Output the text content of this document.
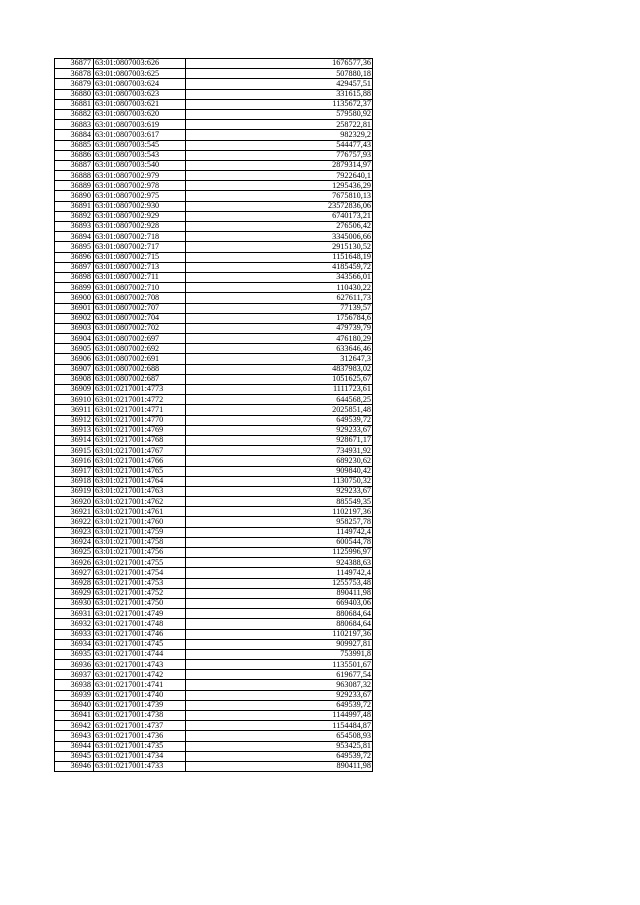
36877	63:01:0807003:626	1676577,36
36878	63:01:0807003:625	507880,18
36879	63:01:0807003:624	429457,51
36880	63:01:0807003:623	331615,88
36881	63:01:0807003:621	1135672,37
36882	63:01:0807003:620	579580,92
36883	63:01:0807003:619	258722,81
36884	63:01:0807003:617	982329,2
36885	63:01:0807003:545	544477,43
36886	63:01:0807003:543	776757,93
36887	63:01:0807003:540	2879314,97
36888	63:01:0807002:979	7922640,1
36889	63:01:0807002:978	1295436,29
36890	63:01:0807002:975	7675810,13
36891	63:01:0807002:930	23572836,06
36892	63:01:0807002:929	6740173,21
36893	63:01:0807002:928	276506,42
36894	63:01:0807002:718	3345006,66
36895	63:01:0807002:717	2915130,52
36896	63:01:0807002:715	1151648,19
36897	63:01:0807002:713	4185459,72
36898	63:01:0807002:711	343566,01
36899	63:01:0807002:710	110430,22
36900	63:01:0807002:708	627611,73
36901	63:01:0807002:707	77139,57
36902	63:01:0807002:704	1756784,6
36903	63:01:0807002:702	479739,79
36904	63:01:0807002:697	476180,29
36905	63:01:0807002:692	633646,46
36906	63:01:0807002:691	312647,3
36907	63:01:0807002:688	4837983,02
36908	63:01:0807002:687	1051625,67
36909	63:01:0217001:4773	1111723,61
36910	63:01:0217001:4772	644568,25
36911	63:01:0217001:4771	2025851,48
36912	63:01:0217001:4770	649539,72
36913	63:01:0217001:4769	929233,67
36914	63:01:0217001:4768	928671,17
36915	63:01:0217001:4767	734931,92
36916	63:01:0217001:4766	689230,62
36917	63:01:0217001:4765	909840,42
36918	63:01:0217001:4764	1130750,32
36919	63:01:0217001:4763	929233,67
36920	63:01:0217001:4762	885549,35
36921	63:01:0217001:4761	1102197,36
36922	63:01:0217001:4760	958257,78
36923	63:01:0217001:4759	1149742,4
36924	63:01:0217001:4758	600544,78
36925	63:01:0217001:4756	1125996,97
36926	63:01:0217001:4755	924388,63
36927	63:01:0217001:4754	1149742,4
36928	63:01:0217001:4753	1255753,48
36929	63:01:0217001:4752	890411,98
36930	63:01:0217001:4750	669403,06
36931	63:01:0217001:4749	880684,64
36932	63:01:0217001:4748	880684,64
36933	63:01:0217001:4746	1102197,36
36934	63:01:0217001:4745	909927,81
36935	63:01:0217001:4744	753991,8
36936	63:01:0217001:4743	1135501,67
36937	63:01:0217001:4742	619677,54
36938	63:01:0217001:4741	963087,32
36939	63:01:0217001:4740	929233,67
36940	63:01:0217001:4739	649539,72
36941	63:01:0217001:4738	1144997,48
36942	63:01:0217001:4737	1154484,87
36943	63:01:0217001:4736	654508,93
36944	63:01:0217001:4735	953425,81
36945	63:01:0217001:4734	649539,72
36946	63:01:0217001:4733	890411,98
